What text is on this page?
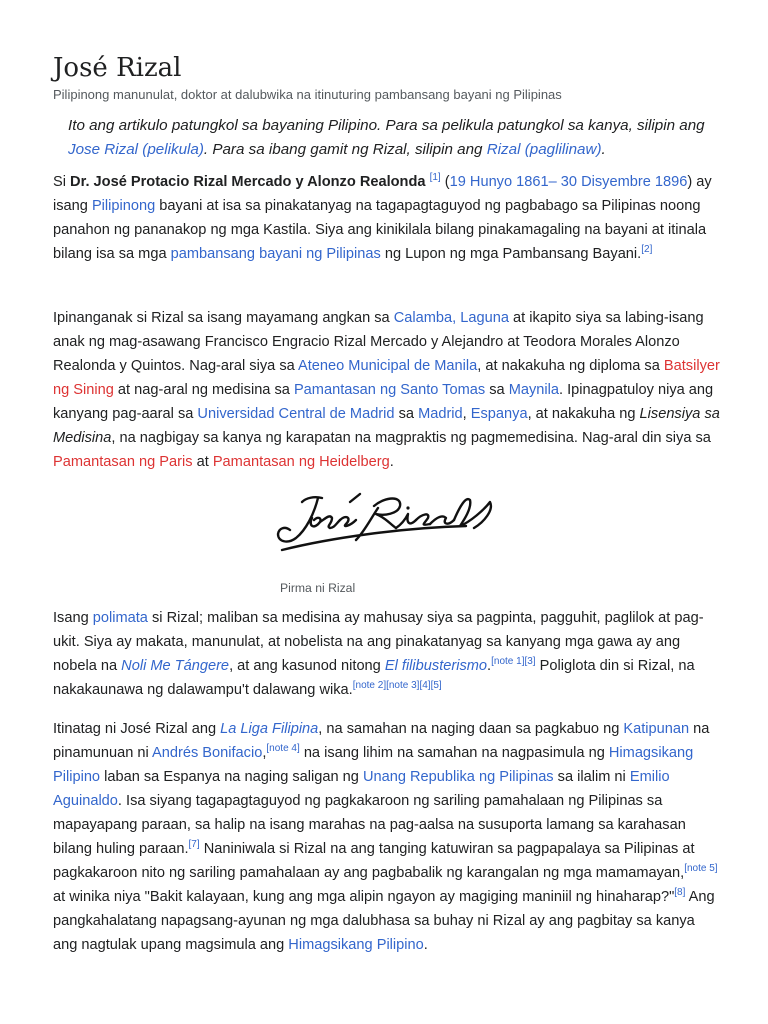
José Rizal

Pilipinong manunulat, doktor at dalubwika na itinuturing pambansang bayani ng Pilipinas

Ito ang artikulo patungkol sa bayaning Pilipino. Para sa pelikula patungkol sa kanya, silipin ang Jose Rizal (pelikula). Para sa ibang gamit ng Rizal, silipin ang Rizal (paglilinaw).

Si Dr. José Protacio Rizal Mercado y Alonzo Realonda [1] (19 Hunyo 1861– 30 Disyembre 1896) ay isang Pilipinong bayani at isa sa pinakatanyag na tagapagtaguyod ng pagbabago sa Pilipinas noong panahon ng pananakop ng mga Kastila. Siya ang kinikilala bilang pinakamagaling na bayani at itinala bilang isa sa mga pambansang bayani ng Pilipinas ng Lupon ng mga Pambansang Bayani.[2]

Ipinanganak si Rizal sa isang mayamang angkan sa Calamba, Laguna at ikapito siya sa labing-isang anak ng mag-asawang Francisco Engracio Rizal Mercado y Alejandro at Teodora Morales Alonzo Realonda y Quintos. Nag-aral siya sa Ateneo Municipal de Manila, at nakakuha ng diploma sa Batsilyer ng Sining at nag-aral ng medisina sa Pamantasan ng Santo Tomas sa Maynila. Ipinagpatuloy niya ang kanyang pag-aaral sa Universidad Central de Madrid sa Madrid, Espanya, at nakakuha ng Lisensiya sa Medisina, na nagbigay sa kanya ng karapatan na magpraktis ng pagmemedisina. Nag-aral din siya sa Pamantasan ng Paris at Pamantasan ng Heidelberg.

Pirma ni Rizal

Isang polimata si Rizal; maliban sa medisina ay mahusay siya sa pagpinta, pagguhit, paglilok at pag-ukit. Siya ay makata, manunulat, at nobelista na ang pinakatanyag sa kanyang mga gawa ay ang nobela na Noli Me Tángere, at ang kasunod nitong El filibusterismo.[note 1][3] Poliglota din si Rizal, na nakakaunawa ng dalawampu't dalawang wika.[note 2][note 3][4][5]

Itinatag ni José Rizal ang La Liga Filipina, na samahan na naging daan sa pagkabuo ng Katipunan na pinamunuan ni Andrés Bonifacio,[note 4] na isang lihim na samahan na nagpasimula ng Himagsikang Pilipino laban sa Espanya na naging saligan ng Unang Republika ng Pilipinas sa ilalim ni Emilio Aguinaldo. Isa siyang tagapagtaguyod ng pagkakaroon ng sariling pamahalaan ng Pilipinas sa mapayapang paraan, sa halip na isang marahas na pag-aalsa na susuporta lamang sa karahasan bilang huling paraan.[7] Naniniwala si Rizal na ang tanging katuwiran sa pagpapalaya sa Pilipinas at pagkakaroon nito ng sariling pamahalaan ay ang pagbabalik ng karangalan ng mga mamamayan,[note 5] at winika niya "Bakit kalayaan, kung ang mga alipin ngayon ay magiging maniniil ng hinaharap?"[8] Ang pangkahalatang napagsang-ayunan ng mga dalubhasa sa buhay ni Rizal ay ang pagbitay sa kanya ang nagtulak upang magsimula ang Himagsikang Pilipino.
